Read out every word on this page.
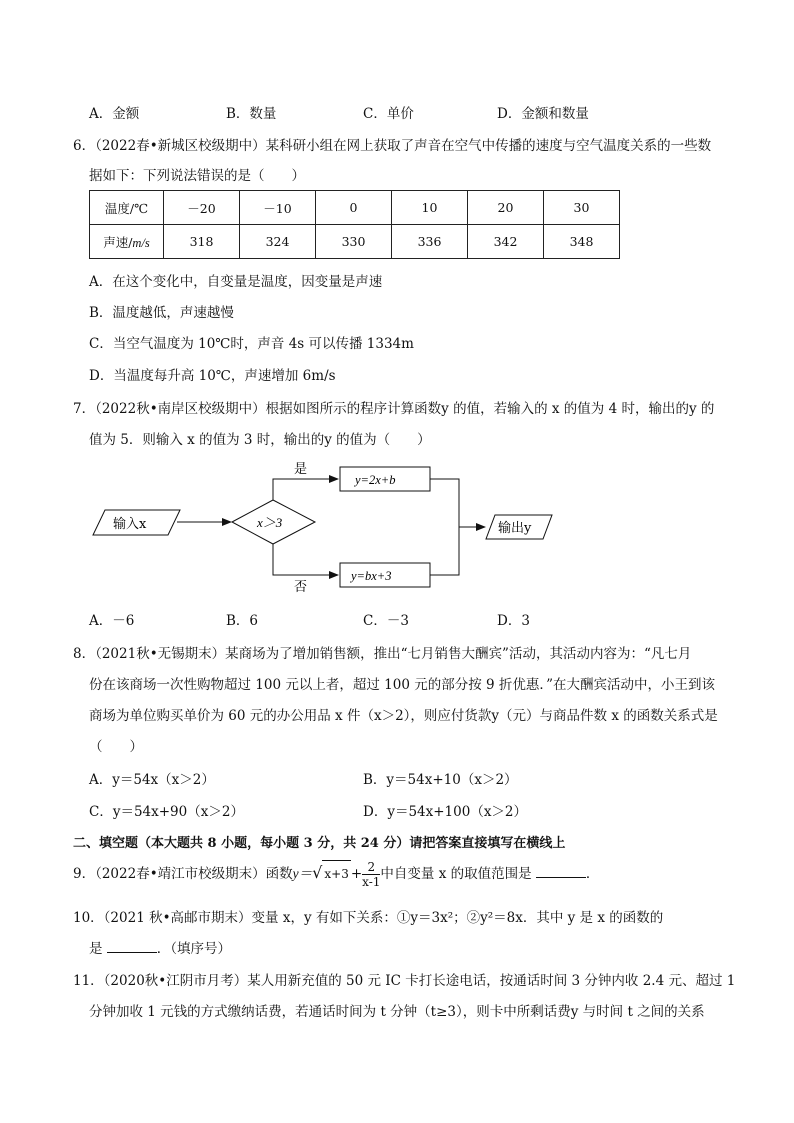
A．金额	B．数量	C．单价	D．金额和数量
6．（2022春•新城区校级期中）某科研小组在网上获取了声音在空气中传播的速度与空气温度关系的一些数
据如下：下列说法错误的是（　　）
温度/℃	－20	－10	0	10	20	30
声速/m/s	318	324	330	336	342	348
A．在这个变化中，自变量是温度，因变量是声速
B．温度越低，声速越慢
C．当空气温度为 10℃时，声音 4s 可以传播 1334m
D．当温度每升高 10℃，声速增加 6m/s
7．（2022秋•南岸区校级期中）根据如图所示的程序计算函数y 的值，若输入的 x 的值为 4 时，输出的y 的
值为 5．则输入 x 的值为 3 时，输出的y 的值为（　　）
输入x	x＞3
是
y=2x+b
否
y=bx+3
输出y
A．－6	B．6	C．－3	D．3
8．（2021秋•无锡期末）某商场为了增加销售额，推出“七月销售大酬宾”活动，其活动内容为：“凡七月
份在该商场一次性购物超过 100 元以上者，超过 100 元的部分按 9 折优惠．”在大酬宾活动中，小王到该
商场为单位购买单价为 60 元的办公用品 x 件（x＞2），则应付货款y（元）与商品件数 x 的函数关系式是
（　　）
A．y＝54x（x＞2）	B．y＝54x+10（x＞2）
C．y＝54x+90（x＞2）	D．y＝54x+100（x＞2）
二、填空题（本大题共 8 小题，每小题 3 分，共 24 分）请把答案直接填写在横线上
9．（2022春•靖江市校级期末）函数y＝√ $x+3 + \frac{2}{x-1}$ 中自变量 x 的取值范围是	．
10．（2021 秋•高邮市期末）变量 x，y 有如下关系：①y＝3x²；②y²＝8x．其中 y 是 x 的函数的
是	．（填序号）
11．（2020秋•江阴市月考）某人用新充值的 50 元 IC 卡打长途电话，按通话时间 3 分钟内收 2.4 元、超过 1
分钟加收 1 元钱的方式缴纳话费，若通话时间为 t 分钟（t≥3），则卡中所剩话费y 与时间 t 之间的关系
